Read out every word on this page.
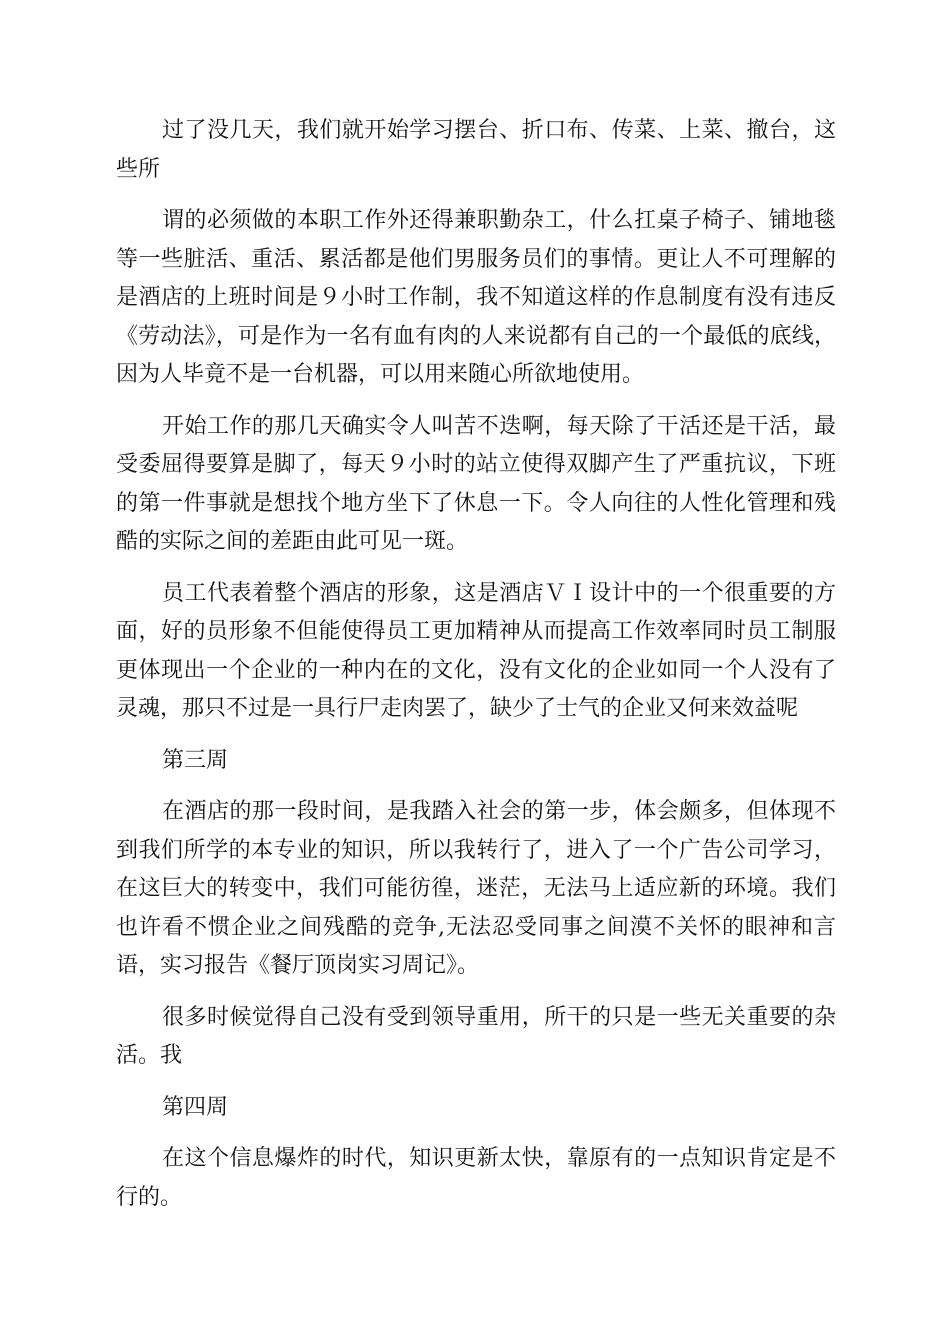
过了没几天，我们就开始学习摆台、折口布、传菜、上菜、撤台，这些所

谓的必须做的本职工作外还得兼职勤杂工，什么扛桌子椅子、铺地毯等一些脏活、重活、累活都是他们男服务员们的事情。更让人不可理解的是酒店的上班时间是９小时工作制，我不知道这样的作息制度有没有违反《劳动法》，可是作为一名有血有肉的人来说都有自己的一个最低的底线，因为人毕竟不是一台机器，可以用来随心所欲地使用。

开始工作的那几天确实令人叫苦不迭啊，每天除了干活还是干活，最受委屈得要算是脚了，每天９小时的站立使得双脚产生了严重抗议，下班的第一件事就是想找个地方坐下了休息一下。令人向往的人性化管理和残酷的实际之间的差距由此可见一斑。

员工代表着整个酒店的形象，这是酒店ＶＩ设计中的一个很重要的方面，好的员形象不但能使得员工更加精神从而提高工作效率同时员工制服更体现出一个企业的一种内在的文化，没有文化的企业如同一个人没有了灵魂，那只不过是一具行尸走肉罢了，缺少了士气的企业又何来效益呢

第三周

在酒店的那一段时间，是我踏入社会的第一步，体会颇多，但体现不到我们所学的本专业的知识，所以我转行了，进入了一个广告公司学习，在这巨大的转变中，我们可能彷徨，迷茫，无法马上适应新的环境。我们也许看不惯企业之间残酷的竞争,无法忍受同事之间漠不关怀的眼神和言语，实习报告《餐厅顶岗实习周记》。

很多时候觉得自己没有受到领导重用，所干的只是一些无关重要的杂活。我

第四周

在这个信息爆炸的时代，知识更新太快，靠原有的一点知识肯定是不行的。
